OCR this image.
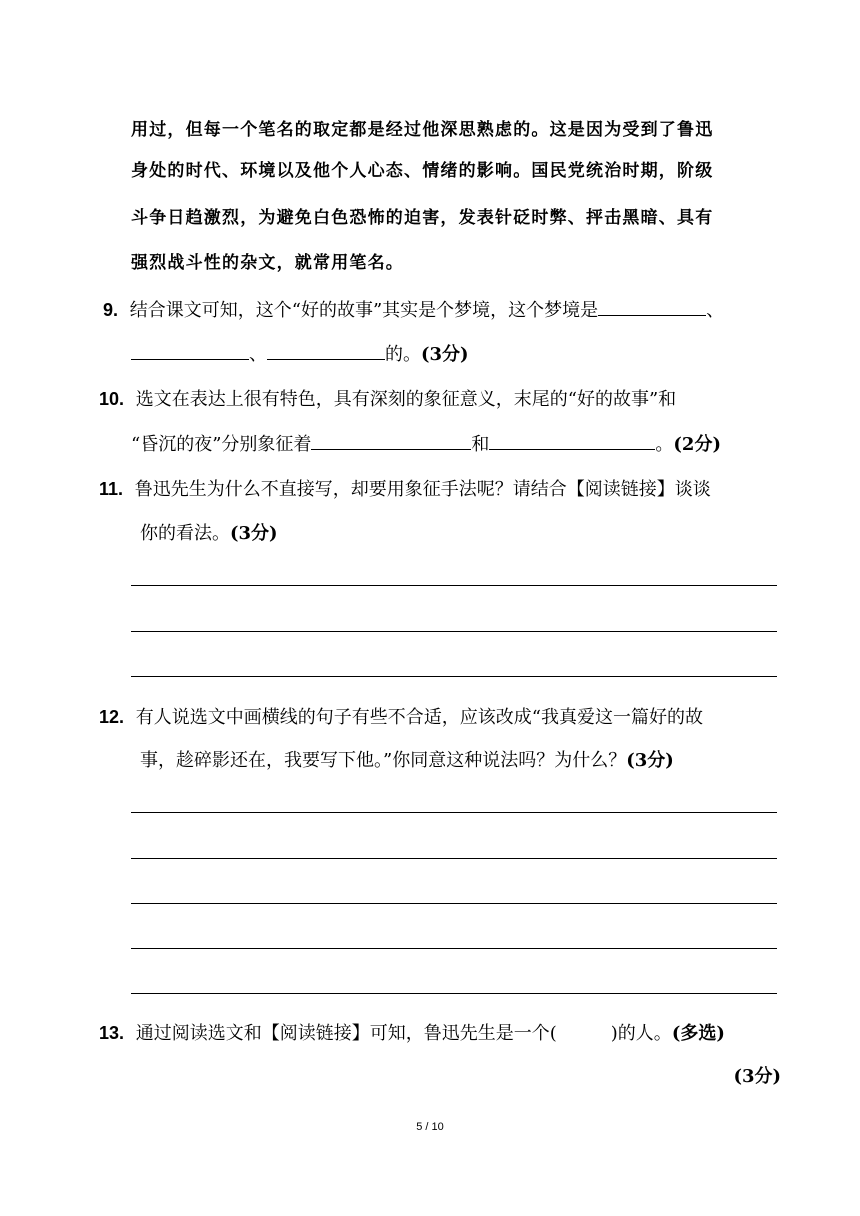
用过，但每一个笔名的取定都是经过他深思熟虑的。这是因为受到了鲁迅
身处的时代、环境以及他个人心态、情绪的影响。国民党统治时期，阶级
斗争日趋激烈，为避免白色恐怖的迫害，发表针砭时弊、抨击黑暗、具有
强烈战斗性的杂文，就常用笔名。
9. 结合课文可知，这个“好的故事”其实是个梦境，这个梦境是	、
、	的。(3分)
10. 选文在表达上很有特色，具有深刻的象征意义，末尾的“好的故事”和
“昏沉的夜”分别象征着	和	。(2分)
11. 鲁迅先生为什么不直接写，却要用象征手法呢？请结合【阅读链接】谈谈
你的看法。(3分)
12. 有人说选文中画横线的句子有些不合适，应该改成“我真爱这一篇好的故
事，趁碎影还在，我要写下他。”你同意这种说法吗？为什么？(3分)
13. 通过阅读选文和【阅读链接】可知，鲁迅先生是一个(　　　)的人。(多选)
(3分)
5 / 10
